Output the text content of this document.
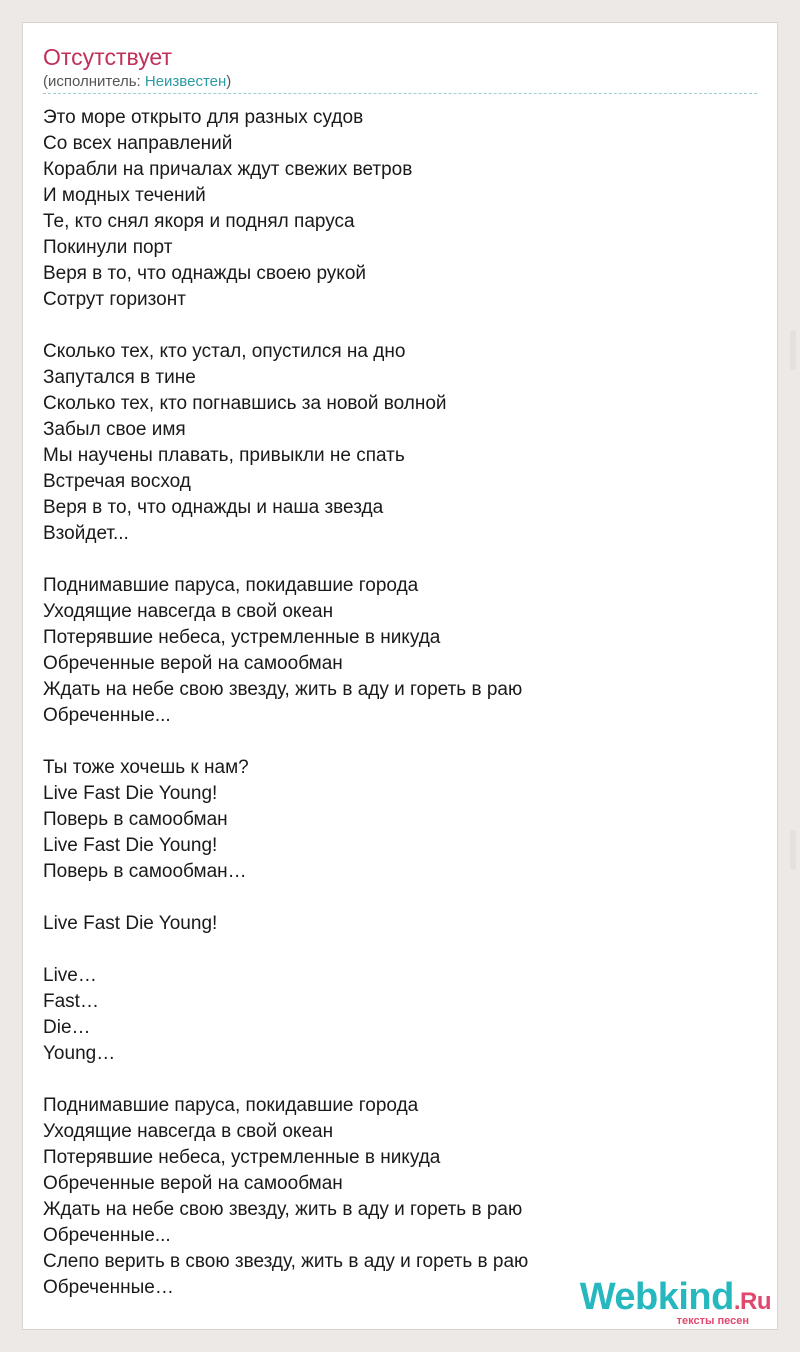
Отсутствует
(исполнитель: Неизвестен)
Это море открыто для разных судов
Со всех направлений
Корабли на причалах ждут свежих ветров
И модных течений
Те, кто снял якоря и поднял паруса
Покинули порт
Веря в то, что однажды своею рукой
Сотрут горизонт
Сколько тех, кто устал, опустился на дно
Запутался в тине
Сколько тех, кто погнавшись за новой волной
Забыл свое имя
Мы научены плавать, привыкли не спать
Встречая восход
Веря в то, что однажды и наша звезда
Взойдет...
Поднимавшие паруса, покидавшие города
Уходящие навсегда в свой океан
Потерявшие небеса, устремленные в никуда
Обреченные верой на самообман
Ждать на небе свою звезду, жить в аду и гореть в раю
Обреченные...
Ты тоже хочешь к нам?
Live Fast Die Young!
Поверь в самообман
Live Fast Die Young!
Поверь в самообман…
Live Fast Die Young!
Live…
Fast…
Die…
Young…
Поднимавшие паруса, покидавшие города
Уходящие навсегда в свой океан
Потерявшие небеса, устремленные в никуда
Обреченные верой на самообман
Ждать на небе свою звезду, жить в аду и гореть в раю
Обреченные...
Слепо верить в свою звезду, жить в аду и гореть в раю
Обреченные…	Webkind.Ru
тексты песен
